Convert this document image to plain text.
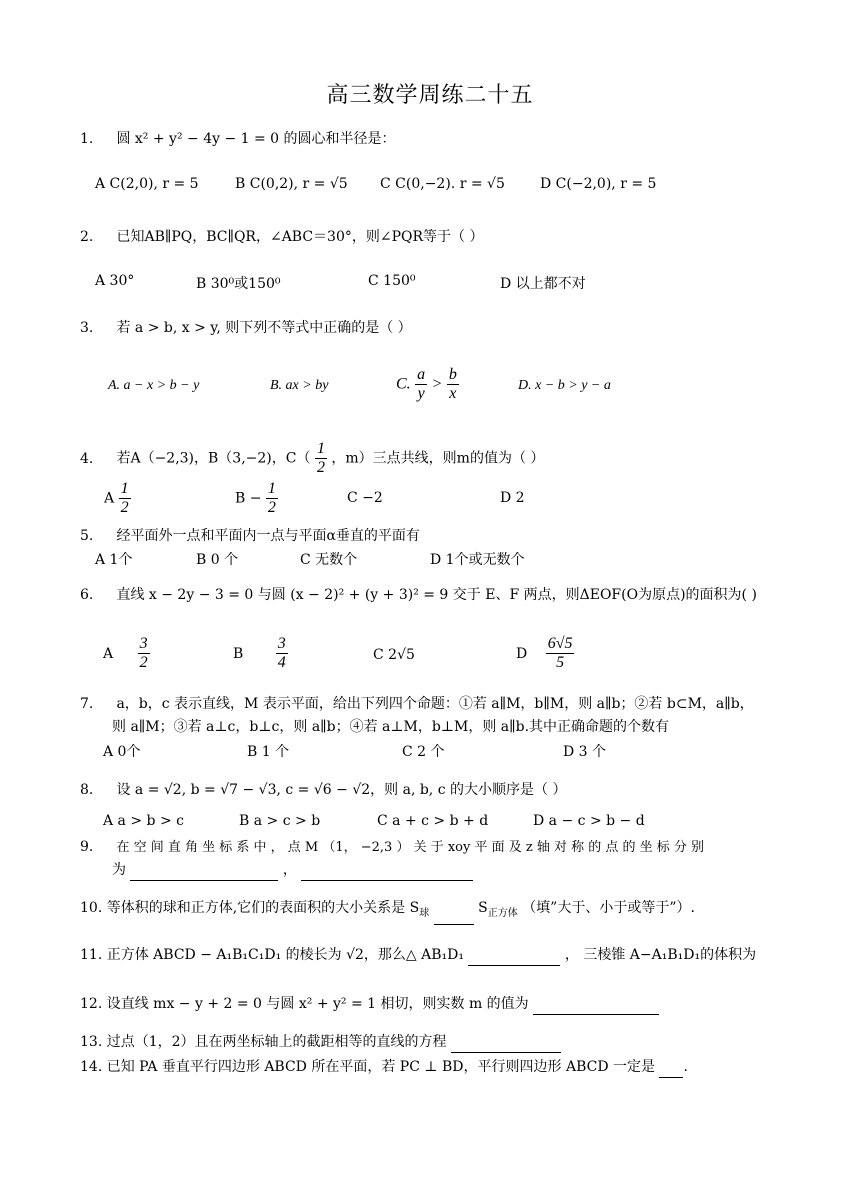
高三数学周练二十五
1. 圆 x² + y² − 4y − 1 = 0 的圆心和半径是：
A C(2,0), r = 5	B C(0,2), r = √5 C C(0,−2). r = √5	D C(−2,0), r = 5
2. 已知AB∥PQ，BC∥QR，∠ABC＝30°，则∠PQR等于（ ）
A 30°	B 30⁰或150⁰	C 150⁰	D 以上都不对
3. 若 a > b, x > y, 则下列不等式中正确的是（ ）
A. a − x > b − y	B. ax > by	C. $\frac{a}{y} > \frac{b}{x}$	D. x − b > y − a
4. 若A（−2,3)，B（3,−2)，$C( \frac{1}{2}$ ，m）三点共线，则m的值为（ ）
A $\frac{1}{2}$	$B - \frac{1}{2}$	C −2	D 2
5. 经平面外一点和平面内一点与平面α垂直的平面有
A 1个	B 0 个	C 无数个	D 1个或无数个
6. 直线 x − 2y − 3 = 0 与圆 (x − 2)² + (y + 3)² = 9 交于 E、F 两点，则ΔEOF(O为原点)的面积为( )
A $\frac{3}{2}$	B $\frac{3}{4}$	C 2√5	D $\frac{6√5}{5}$
7. a，b，c 表示直线，M 表示平面，给出下列四个命题：①若 a∥M，b∥M，则 a∥b；②若 b⊂M，a∥b，
则 a∥M；③若 a⊥c，b⊥c，则 a∥b；④若 a⊥M，b⊥M，则 a∥b.其中正确命题的个数有
A 0个	B 1 个	C 2 个	D 3 个
8. 设 a = √2, b = √7 − √3, c = √6 − √2，则 a, b, c 的大小顺序是（ ）
A a > b > c	B a > c > b	C a + c > b + d	D a − c > b − d
9. 在 空 间 直 角 坐 标 系 中 ， 点 M （1， −2,3 ） 关 于 xoy 平 面 及 z 轴 对 称 的 点 的 坐 标 分 别
为	，
10. 等体积的球和正方体,它们的表面积的大小关系是 $S_球$	$S_{正方体}$ （填”大于、小于或等于”）.
11. 正方体 ABCD − A₁B₁C₁D₁ 的棱长为 √2，那么△ AB₁D₁	， 三棱锥 A−A₁B₁D₁的体积为
12. 设直线 mx − y + 2 = 0 与圆 x² + y² = 1 相切，则实数 m 的值为
13. 过点（1，2）且在两坐标轴上的截距相等的直线的方程
14. 已知 PA 垂直平行四边形 ABCD 所在平面，若 PC ⊥ BD，平行则四边形 ABCD 一定是 .
